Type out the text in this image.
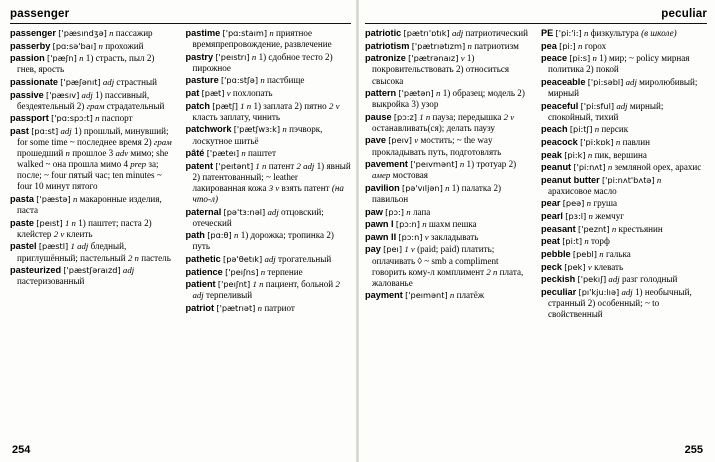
passenger
passenger ['pæsındʒə] n пассажир
passerby [pɑ:sə'baı] n прохожий
passion ['pæʃn] n 1) страсть, пыл 2) гнев, ярость
passionate ['pæʃənıt] adj страстный
passive ['pæsıv] adj 1) пассивный, бездеятельный 2) грам страдательный
passport ['pɑ:spɔ:t] n паспорт
past [pɑ:st] adj 1) прошлый, минувший; for some time ~ последнее время 2) грам прошедший n прошлое 3 adv мимо; she walked ~ она прошла мимо 4 prep за; после; ~ four пятый час; ten minutes ~ four 10 минут пятого
pasta ['pæstə] n макаронные изделия, паста
paste [peıst] 1 n 1) паштет; паста 2) клейстер 2 v клеить
pastel [pæstl] 1 adj бледный, приглушённый; пастельный 2 n пастель
pasteurized ['pæstʃəraızd] adj пастеризованный
pastime ['pɑ:staım] n приятное времяпрепровождение, развлечение
pastry ['peıstrı] n 1) сдобное тесто 2) пирожное
pasture ['pɑ:stʃə] n пастбище
pat [pæt] v похлопать
patch [pætʃ] 1 n 1) заплата 2) пятно 2 v класть заплату, чинить
patchwork ['pætʃwɜ:k] n пэчворк, лоскутное шитьё
pâté ['pæteı] n паштет
patent ['peıtənt] 1 n патент 2 adj 1) явный 2) патентованный; ~ leather лакированная кожа 3 v взять патент (на что-л)
paternal [pə'tɜ:nəl] adj отцовский; отеческий
path [pɑ:θ] n 1) дорожка; тропинка 2) путь
pathetic [pə'θetık] adj трогательный
patience ['peıʃns] n терпение
patient ['peıʃnt] 1 n пациент, больной 2 adj терпеливый
patriot ['pætrıət] n патриот
254
peculiar
patriotic [pætrı'ɒtık] adj патриотический
patriotism ['pætrıətızm] n патриотизм
patronize ['pætrənaız] v 1) покровительствовать 2) относиться свысока
pattern ['pætən] n 1) образец; модель 2) выкройка 3) узор
pause [pɔ:z] 1 n пауза; передышка 2 v останавливать(ся); делать паузу
pave [peıv] v мостить; ~ the way прокладывать путь, подготовлять
pavement ['peıvmənt] n 1) тротуар 2) амер мостовая
pavilion [pə'vıljən] n 1) палатка 2) павильон
paw [pɔ:] n лапа
pawn I [pɔ:n] n шахм пешка
pawn II [pɔ:n] v закладывать
pay [peı] 1 v (paid; paid) платить; оплачивать ◊ ~ smb a compliment говорить кому-л комплимент 2 n плата, жалованье
payment ['peımənt] n платёж
PE ['pi:'i:] n физкультура (в школе)
pea [pi:] n горох
peace [pi:s] n 1) мир; ~ policy мирная политика 2) покой
peaceable ['pi:səbl] adj миролюбивый; мирный
peaceful ['pi:sful] adj мирный; спокойный, тихий
peach [pi:tʃ] n персик
peacock ['pi:kɒk] n павлин
peak [pi:k] n пик, вершина
peanut ['pi:nʌt] n земляной орех, арахис
peanut butter ['pi:nʌt'bʌtə] n арахисовое масло
pear [peə] n груша
pearl [pɜ:l] n жемчуг
peasant ['peznt] n крестьянин
peat [pi:t] n торф
pebble [pebl] n галька
peck [pek] v клевать
peckish ['pekıʃ] adj разг голодный
peculiar [pı'kju:lıə] adj 1) необычный, странный 2) особенный; ~ to свойственный
255
